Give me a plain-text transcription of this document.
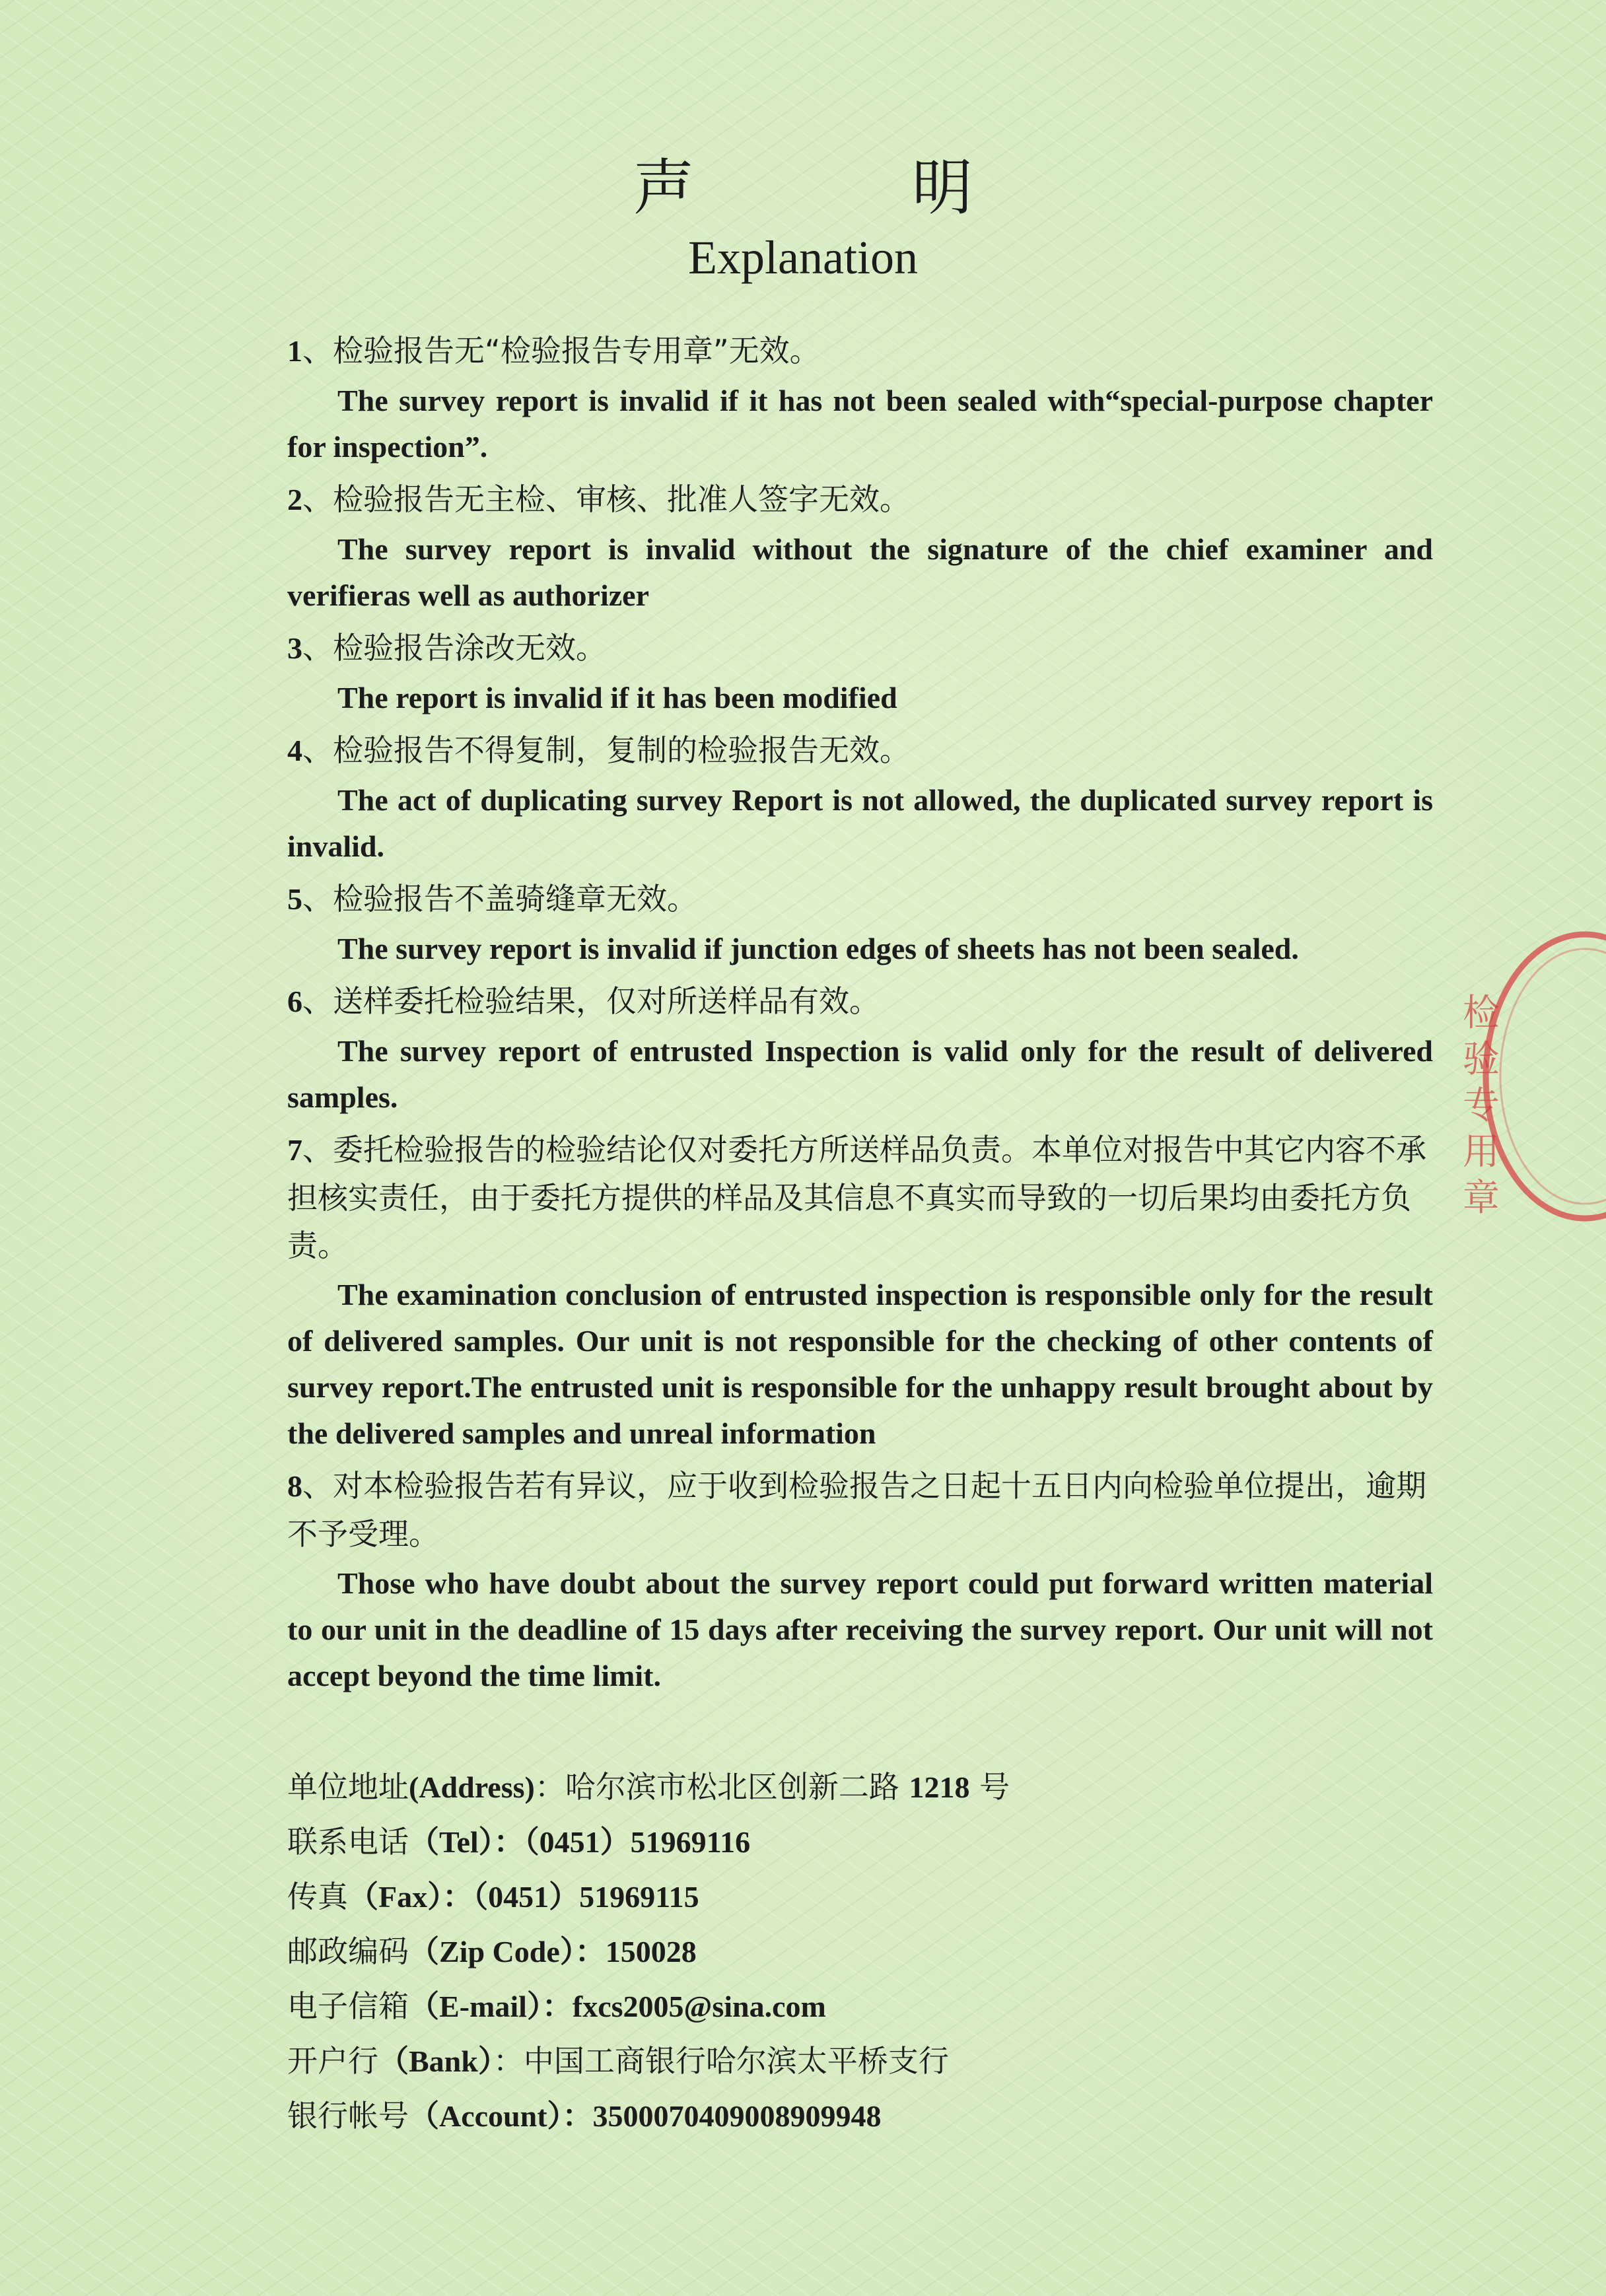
声明
Explanation

1、检验报告无“检验报告专用章”无效。

The survey report is invalid if it has not been sealed with“special-purpose chapter for inspection”.

2、检验报告无主检、审核、批准人签字无效。

The survey report is invalid without the signature of the chief examiner and verifieras well as authorizer

3、检验报告涂改无效。

The report is invalid if it has been modified

4、检验报告不得复制，复制的检验报告无效。

The act of duplicating survey Report is not allowed, the duplicated survey report is invalid.

5、检验报告不盖骑缝章无效。

The survey report is invalid if junction edges of sheets has not been sealed.

6、送样委托检验结果，仅对所送样品有效。

The survey report of entrusted Inspection is valid only for the result of delivered samples.

7、委托检验报告的检验结论仅对委托方所送样品负责。本单位对报告中其它内容不承担核实责任，由于委托方提供的样品及其信息不真实而导致的一切后果均由委托方负责。

The examination conclusion of entrusted inspection is responsible only for the result of delivered samples. Our unit is not responsible for the checking of other contents of survey report.The entrusted unit is responsible for the unhappy result brought about by the delivered samples and unreal information

8、对本检验报告若有异议，应于收到检验报告之日起十五日内向检验单位提出，逾期不予受理。

Those who have doubt about the survey report could put forward written material to our unit in the deadline of 15 days after receiving the survey report. Our unit will not accept beyond the time limit.

单位地址(Address)：哈尔滨市松北区创新二路 1218 号
联系电话（Tel）：（0451）51969116
传真（Fax）：（0451）51969115
邮政编码（Zip Code）：150028
电子信箱（E-mail）：fxcs2005@sina.com
开户行（Bank）：中国工商银行哈尔滨太平桥支行
银行帐号（Account）：3500070409008909948
检验专用章
